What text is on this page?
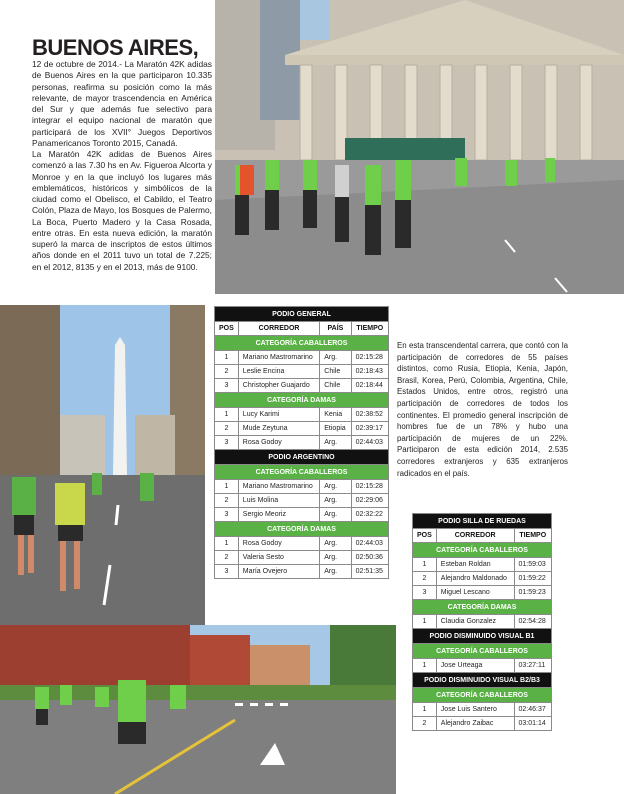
BUENOS AIRES,
12 de octubre de 2014.- La Maratón 42K adidas de Buenos Aires en la que participaron 10.335 personas, reafirma su posición como la más relevante, de mayor trascendencia en América del Sur y que además fue selectivo para integrar el equipo nacional de maratón que participará de los XVII° Juegos Deportivos Panamericanos Toronto 2015, Canadá.

La Maratón 42K adidas de Buenos Aires comenzó a las 7.30 hs en Av. Figueroa Alcorta y Monroe y en la que incluyó los lugares más emblemáticos, históricos y simbólicos de la ciudad como el Obelisco, el Cabildo, el Teatro Colón, Plaza de Mayo, los Bosques de Palermo, La Boca, Puerto Madero y la Casa Rosada, entre otras. En esta nueva edición, la maratón superó la marca de inscriptos de estos últimos años donde en el 2011 tuvo un total de 7.225; en el 2012, 8135 y en el 2013, más de 9100.

PODIO GENERAL			
POS	CORREDOR	PAÍS	TIEMPO
CATEGORÍA CABALLEROS			
1	Mariano Mastromarino	Arg.	02:15:28
2	Leslie Encina	Chile	02:18:43
3	Christopher Guajardo	Chile	02:18:44
CATEGORÍA DAMAS			
1	Lucy Karimi	Kenia	02:38:52
2	Mude Zeytuna	Etiopia	02:39:17
3	Rosa Godoy	Arg.	02:44:03
PODIO ARGENTINO			
CATEGORÍA CABALLEROS			
1	Mariano Mastromarino	Arg.	02:15:28
2	Luis Molina	Arg.	02:29:06
3	Sergio Meoriz	Arg.	02:32:22
CATEGORÍA DAMAS			
1	Rosa Godoy	Arg.	02:44:03
2	Valeria Sesto	Arg.	02:50:36
3	María Ovejero	Arg.	02:51:35
En esta transcendental carrera, que contó con la participación de corredores de 55 países distintos, como Rusia, Etiopia, Kenia, Japón, Brasil, Korea, Perú, Colombia, Argentina, Chile, Estados Unidos, entre otros, registró una participación de corredores de todos los continentes. El promedio general inscripción de hombres fue de un 78% y hubo una participación de mujeres de un 22%. Participaron de esta edición 2014, 2.535 corredores extranjeros y 635 extranjeros radicados en el país.
PODIO SILLA DE RUEDAS		
POS	CORREDOR	TIEMPO
CATEGORÍA CABALLEROS		
1	Esteban Roldan	01:59:03
2	Alejandro Maldonado	01:59:22
3	Miguel Lescano	01:59:23
CATEGORÍA DAMAS		
1	Claudia Gonzalez	02:54:28
PODIO DISMINUIDO VISUAL B1		
CATEGORÍA CABALLEROS		
1	Jose Urteaga	03:27:11
PODIO DISMINUIDO VISUAL B2/B3		
CATEGORÍA CABALLEROS		
1	Jose Luis Santero	02:46:37
2	Alejandro Zaibac	03:01:14
